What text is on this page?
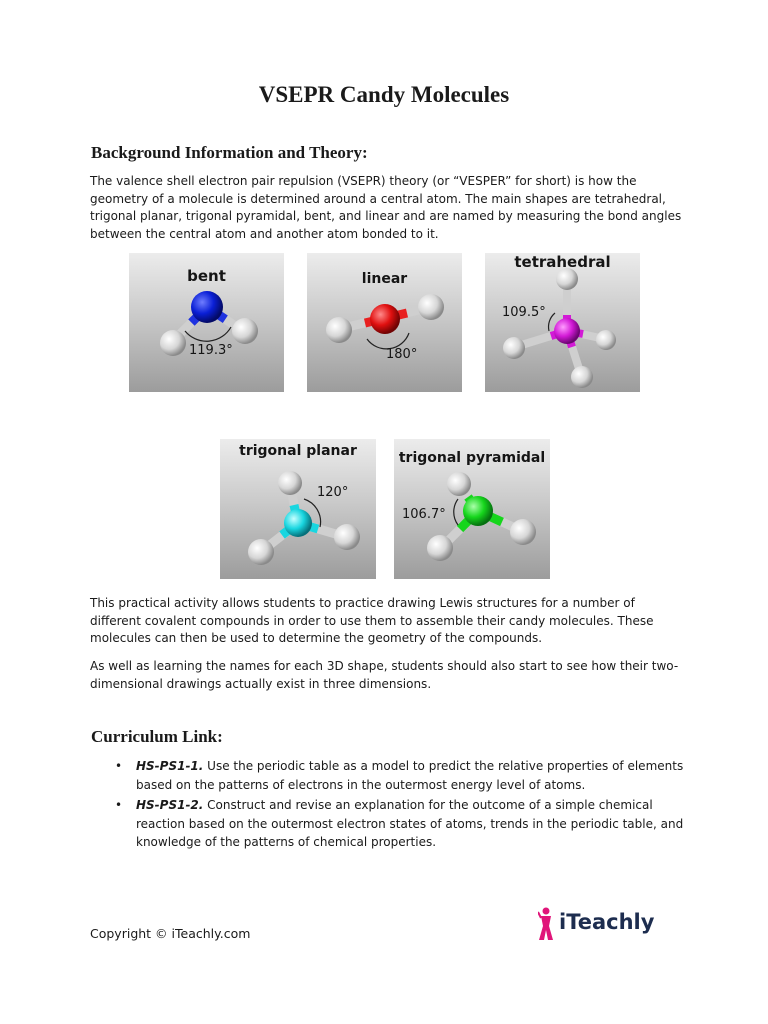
VSEPR Candy Molecules
Background Information and Theory:

The valence shell electron pair repulsion (VSEPR) theory (or “VESPER” for short) is how the geometry of a molecule is determined around a central atom. The main shapes are tetrahedral, trigonal planar, trigonal pyramidal, bent, and linear and are named by measuring the bond angles between the central atom and another atom bonded to it.

bent
119.3°
linear
180°
tetrahedral
109.5°
trigonal planar
120°
trigonal pyramidal
106.7°

This practical activity allows students to practice drawing Lewis structures for a number of different covalent compounds in order to use them to assemble their candy molecules. These molecules can then be used to determine the geometry of the compounds.

As well as learning the names for each 3D shape, students should also start to see how their two-dimensional drawings actually exist in three dimensions.

Curriculum Link:
• HS-PS1-1. Use the periodic table as a model to predict the relative properties of elements based on the patterns of electrons in the outermost energy level of atoms.
• HS-PS1-2. Construct and revise an explanation for the outcome of a simple chemical reaction based on the outermost electron states of atoms, trends in the periodic table, and knowledge of the patterns of chemical properties.
Copyright © iTeachly.com	iTeachly
